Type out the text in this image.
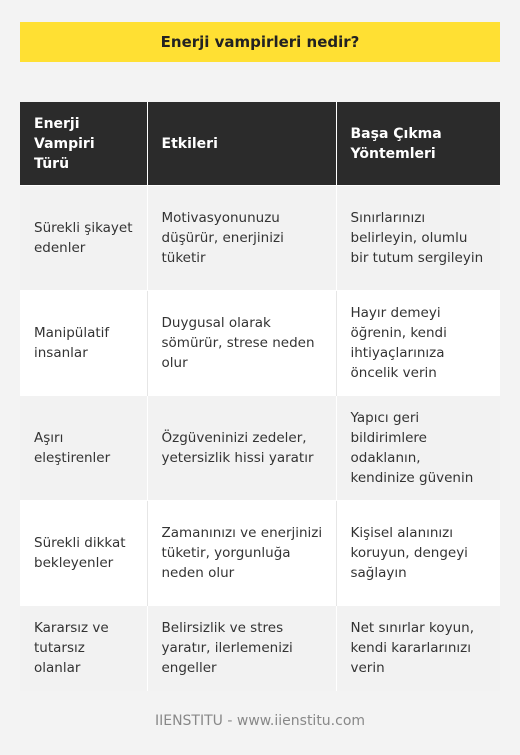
Enerji vampirleri nedir?
Enerji Vampiri Türü	Etkileri	Başa Çıkma Yöntemleri
Sürekli şikayet edenler	Motivasyonunuzu düşürür, enerjinizi tüketir	Sınırlarınızı belirleyin, olumlu bir tutum sergileyin
Manipülatif insanlar	Duygusal olarak sömürür, strese neden olur	Hayır demeyi öğrenin, kendi ihtiyaçlarınıza öncelik verin
Aşırı eleştirenler	Özgüveninizi zedeler, yetersizlik hissi yaratır	Yapıcı geri bildirimlere odaklanın, kendinize güvenin
Sürekli dikkat bekleyenler	Zamanınızı ve enerjinizi tüketir, yorgunluğa neden olur	Kişisel alanınızı koruyun, dengeyi sağlayın
Kararsız ve tutarsız olanlar	Belirsizlik ve stres yaratır, ilerlemenizi engeller	Net sınırlar koyun, kendi kararlarınızı verin
IIENSTITU - www.iienstitu.com
